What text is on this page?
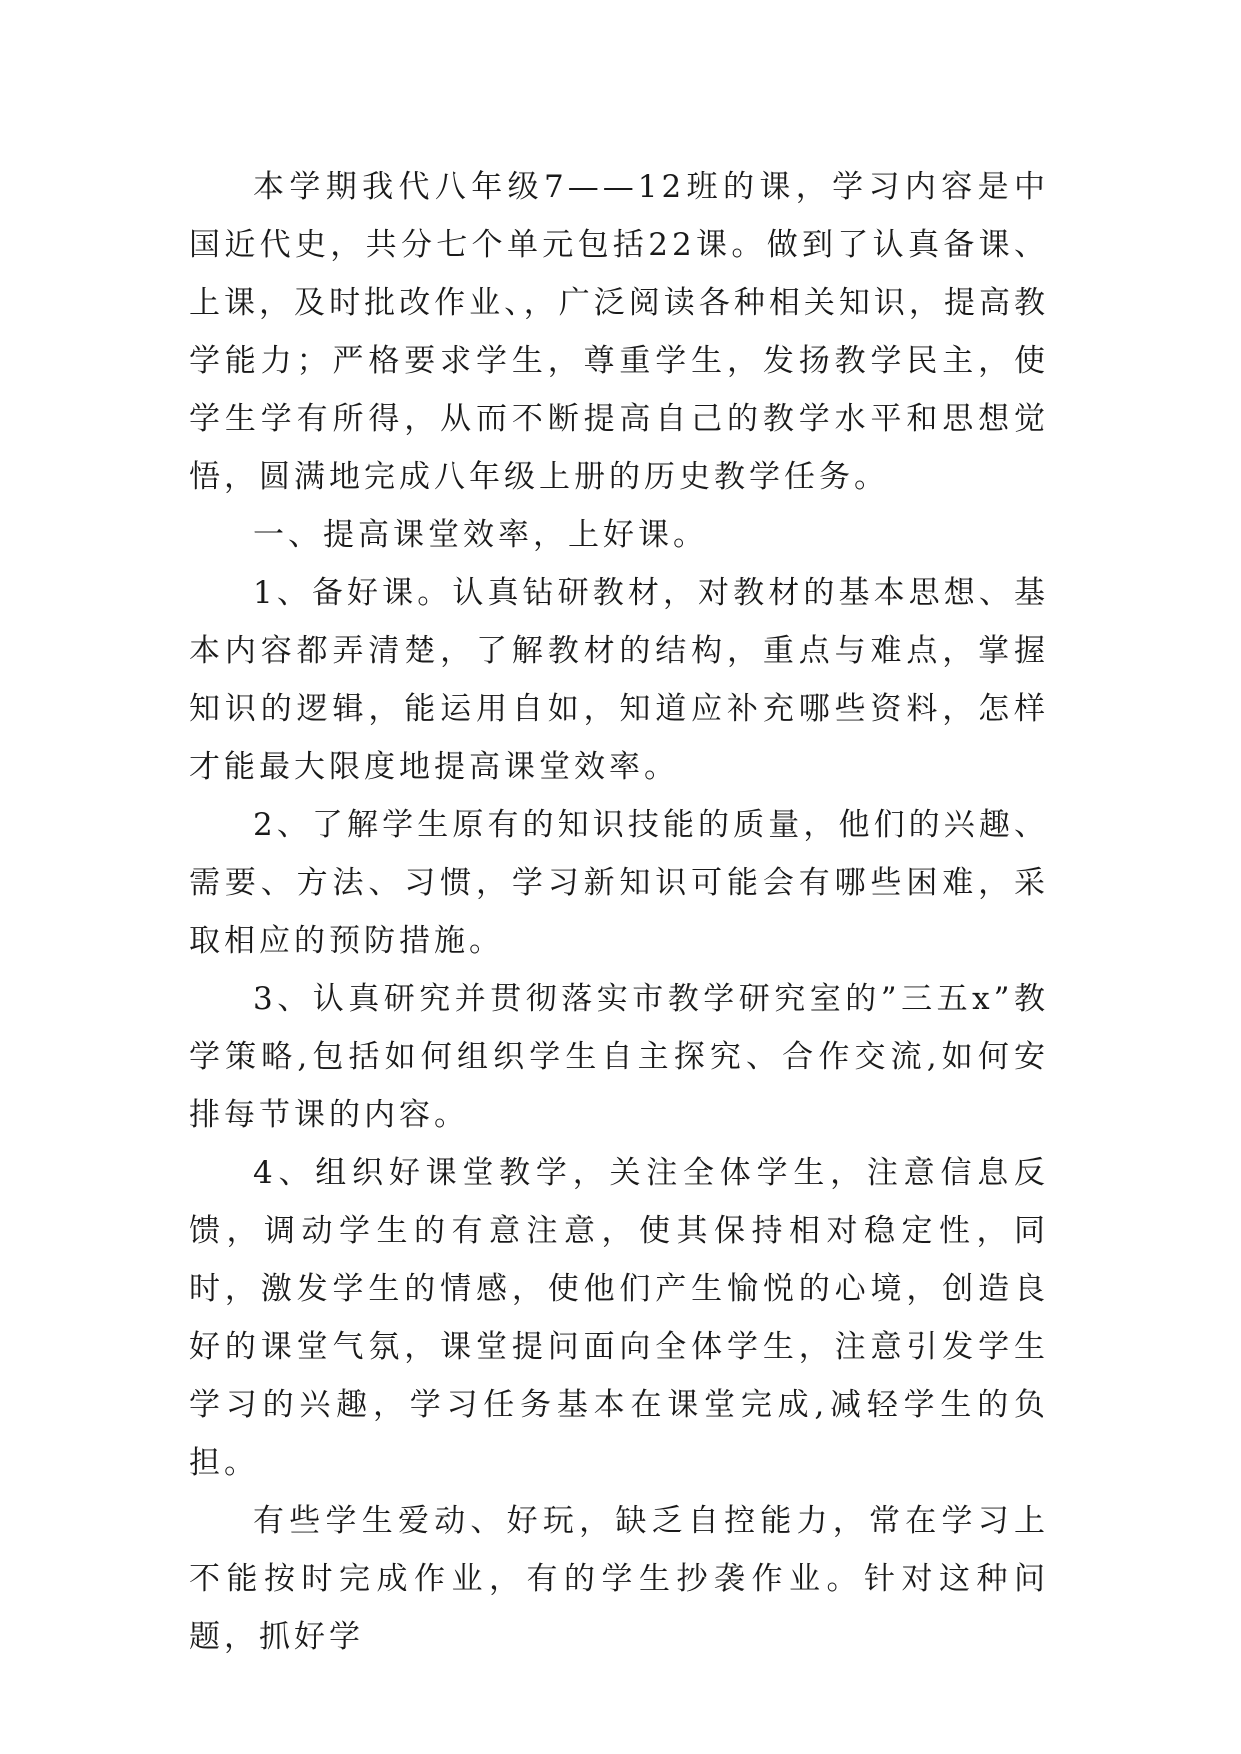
本学期我代八年级7——12班的课，学习内容是中国近代史，共分七个单元包括22课。做到了认真备课、上课，及时批改作业、，广泛阅读各种相关知识，提高教学能力；严格要求学生，尊重学生，发扬教学民主，使学生学有所得，从而不断提高自己的教学水平和思想觉悟，圆满地完成八年级上册的历史教学任务。

一、提高课堂效率，上好课。

1、备好课。认真钻研教材，对教材的基本思想、基本内容都弄清楚，了解教材的结构，重点与难点，掌握知识的逻辑，能运用自如，知道应补充哪些资料，怎样才能最大限度地提高课堂效率。

2、了解学生原有的知识技能的质量，他们的兴趣、需要、方法、习惯，学习新知识可能会有哪些困难，采取相应的预防措施。

3、认真研究并贯彻落实市教学研究室的”三五x”教学策略,包括如何组织学生自主探究、合作交流,如何安排每节课的内容。

4、组织好课堂教学，关注全体学生，注意信息反馈，调动学生的有意注意，使其保持相对稳定性，同时，激发学生的情感，使他们产生愉悦的心境，创造良好的课堂气氛，课堂提问面向全体学生，注意引发学生学习的兴趣，学习任务基本在课堂完成,减轻学生的负担。

有些学生爱动、好玩，缺乏自控能力，常在学习上不能按时完成作业，有的学生抄袭作业。针对这种问题，抓好学
